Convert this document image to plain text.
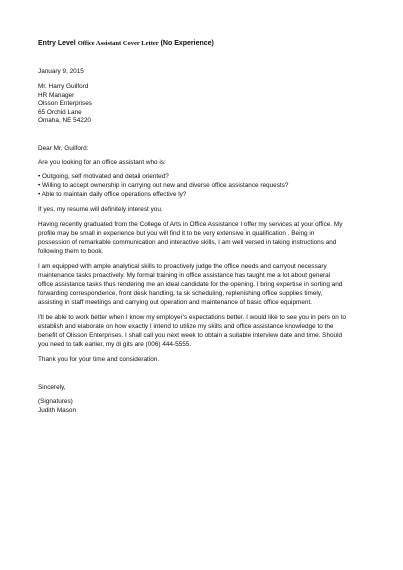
Entry Level Office Assistant Cover Letter (No Experience)
January 9, 2015
Mr. Harry Guilford
HR Manager
Olsson Enterprises
65 Orchid Lane
Omaha, NE 54220
Dear Mr. Guilford:
Are you looking for an office assistant who is:
• Outgoing, self motivated and detail oriented?
• Willing to accept ownership in carrying out new and diverse office assistance requests?
• Able to maintain daily office operations effective ly?
If yes, my resume will definitely interest you.
Having recently graduated from the College of Arts in Office Assistance I offer my services at your office. My
profile may be small in experience but you will find it to be very extensive in qualification . Being in
possession of remarkable communication and interactive skills, I am well versed in taking instructions and
following them to book.
I am equipped with ample analytical skills to proactively judge the office needs and carryout necessary
maintenance tasks proactively. My formal training in office assistance has taught me a lot about general
office assistance tasks thus rendering me an ideal candidate for the opening. I bring expertise in sorting and
forwarding correspondence, front desk handling, ta sk scheduling, replenishing office supplies timely,
assisting in staff meetings and carrying out operation and maintenance of basic office equipment.
I'll be able to work better when I know my employer's expectations better. I would like to see you in pers on to
establish and elaborate on how exactly I intend to utilize my skills and office assistance knowledge to the
benefit of Olisson Enterprises. I shall call you next week to obtain a suitable interview date and time. Should
you need to talk earlier, my di gits are (006) 444-5555.
Thank you for your time and consideration.
Sincerely,
(Signatures)
Judith Mason
